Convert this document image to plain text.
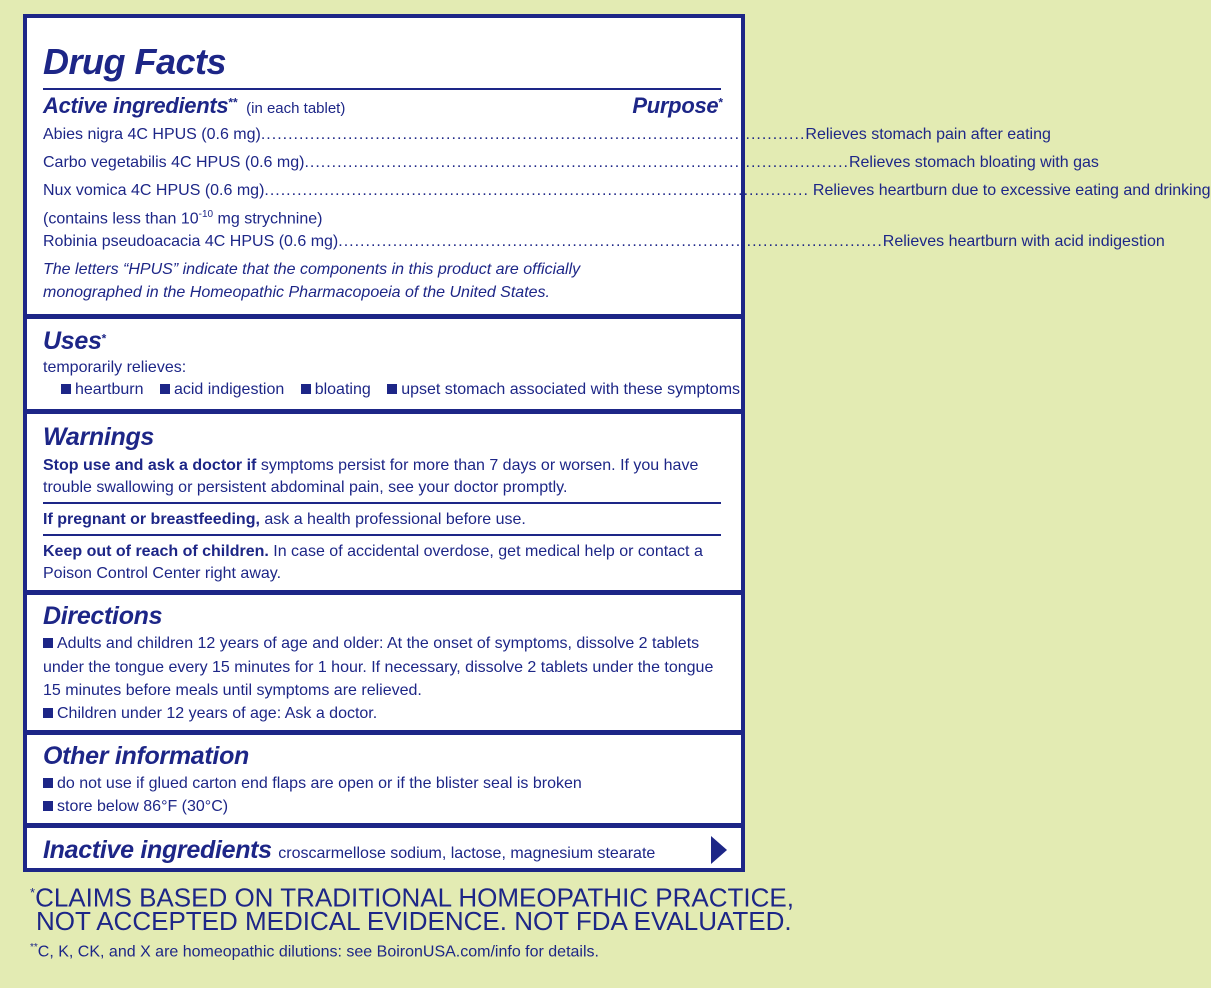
Drug Facts
Active ingredients** (in each tablet)	Purpose*
Abies nigra 4C HPUS (0.6 mg) .................................................................................................... Relieves stomach pain after eating
Carbo vegetabilis 4C HPUS (0.6 mg) .................................................................................................... Relieves stomach bloating with gas
Nux vomica 4C HPUS (0.6 mg) .................................................................................................... Relieves heartburn due to excessive eating and drinking
(contains less than $10^{-10}$ mg strychnine)
Robinia pseudoacacia 4C HPUS (0.6 mg) .................................................................................................... Relieves heartburn with acid indigestion
The letters “HPUS” indicate that the components in this product are officially
monographed in the Homeopathic Pharmacopoeia of the United States.
Uses*
temporarily relieves:
heartburn acid indigestion bloating upset stomach associated with these symptoms
Warnings
Stop use and ask a doctor if symptoms persist for more than 7 days or worsen. If you have
trouble swallowing or persistent abdominal pain, see your doctor promptly.
If pregnant or breastfeeding, ask a health professional before use.
Keep out of reach of children. In case of accidental overdose, get medical help or contact a
Poison Control Center right away.
Directions
Adults and children 12 years of age and older: At the onset of symptoms, dissolve 2 tablets
under the tongue every 15 minutes for 1 hour. If necessary, dissolve 2 tablets under the tongue
15 minutes before meals until symptoms are relieved.
Children under 12 years of age: Ask a doctor.
Other information
do not use if glued carton end flaps are open or if the blister seal is broken
store below 86°F (30°C)
Inactive ingredients croscarmellose sodium, lactose, magnesium stearate
*CLAIMS BASED ON TRADITIONAL HOMEOPATHIC PRACTICE,
NOT ACCEPTED MEDICAL EVIDENCE. NOT FDA EVALUATED.
**C, K, CK, and X are homeopathic dilutions: see BoironUSA.com/info for details.
